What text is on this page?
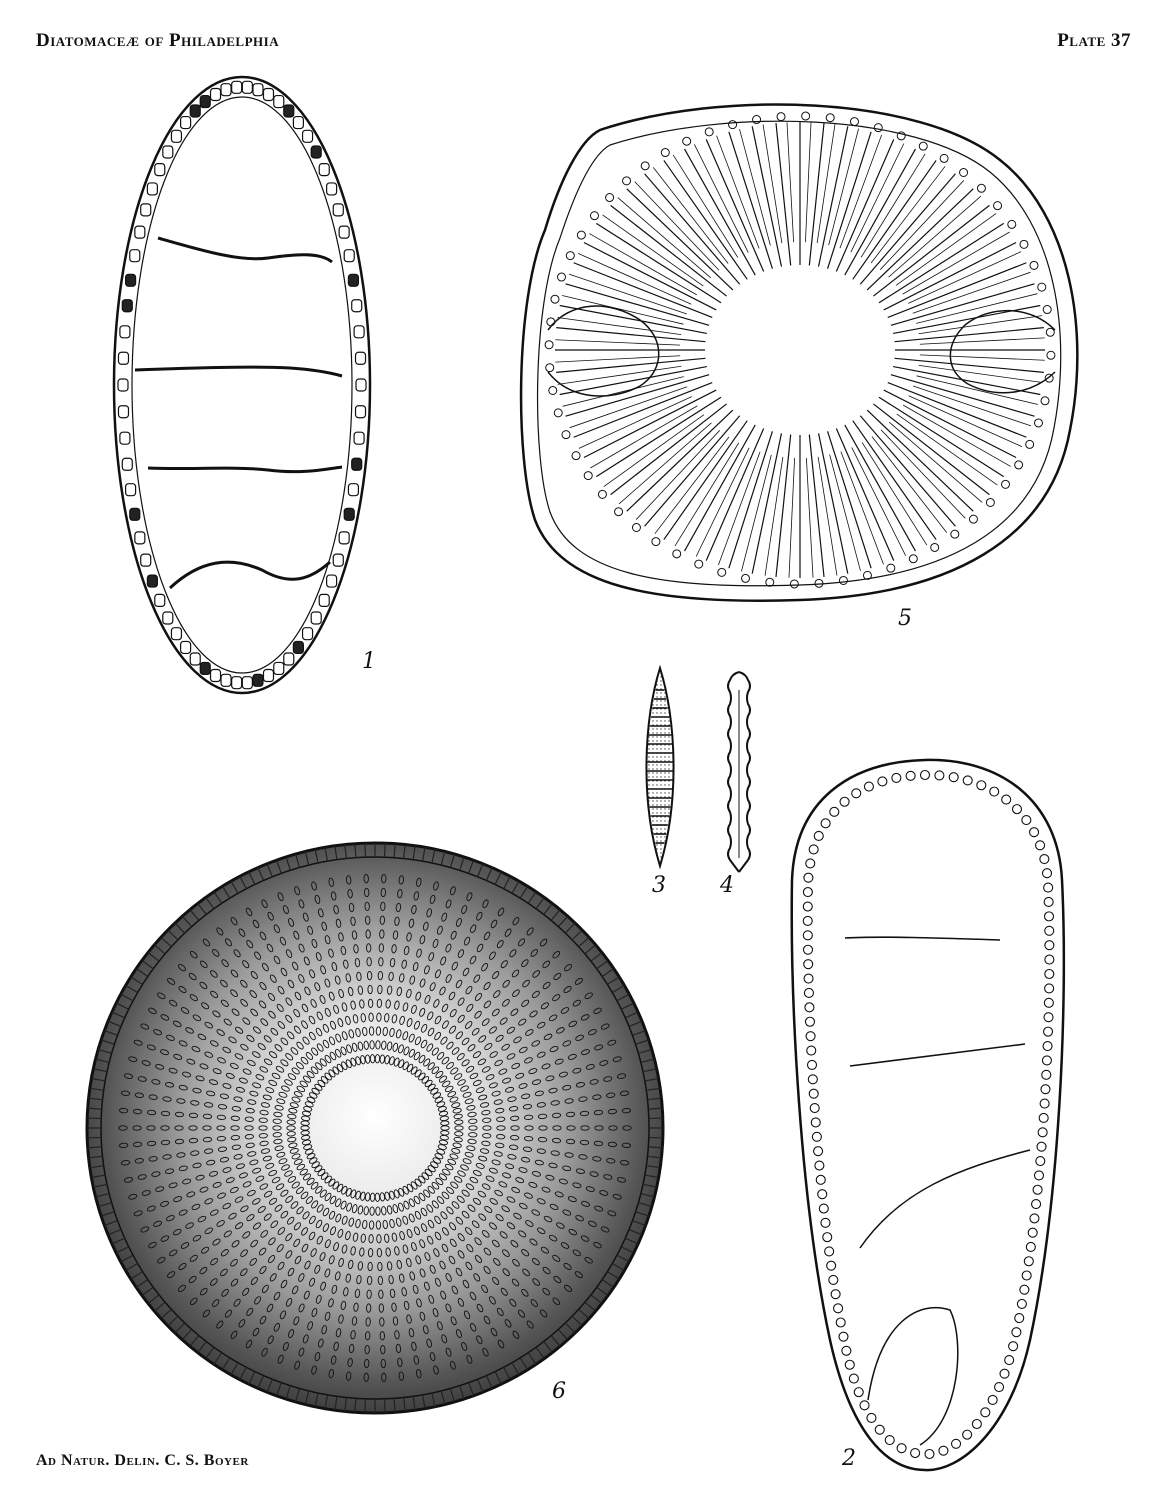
Diatomaceæ of Philadelphia	Plate 37
1
5
3 4
6
2
Ad Natur. Delin. C. S. Boyer
